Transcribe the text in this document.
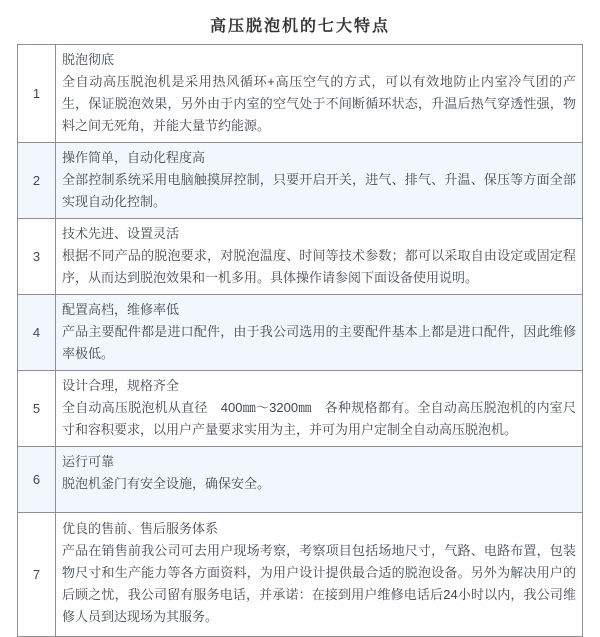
高压脱泡机的七大特点
1	脱泡彻底
全自动高压脱泡机是采用热风循环+高压空气的方式，可以有效地防止内室冷气团的产生，保证脱泡效果，另外由于内室的空气处于不间断循环状态，升温后热气穿透性强，物料之间无死角，并能大量节约能源。

2	操作简单，自动化程度高
全部控制系统采用电脑触摸屏控制，只要开启开关，进气、排气、升温、保压等方面全部实现自动化控制。

3	技术先进、设置灵活
根据不同产品的脱泡要求，对脱泡温度、时间等技术参数；都可以采取自由设定或固定程序，从而达到脱泡效果和一机多用。具体操作请参阅下面设备使用说明。

4	配置高档，维修率低
产品主要配件都是进口配件，由于我公司选用的主要配件基本上都是进口配件，因此维修率极低。

5	设计合理，规格齐全
全自动高压脱泡机从直径　400㎜～3200㎜　各种规格都有。全自动高压脱泡机的内室尺寸和容积要求，以用户产量要求实用为主，并可为用户定制全自动高压脱泡机。

6	运行可靠
脱泡机釜门有安全设施，确保安全。

7	优良的售前、售后服务体系
产品在销售前我公司可去用户现场考察，考察项目包括场地尺寸，气路、电路布置，包装物尺寸和生产能力等各方面资料，为用户设计提供最合适的脱泡设备。另外为解决用户的后顾之忧，我公司留有服务电话，并承诺：在接到用户维修电话后24小时以内，我公司维修人员到达现场为其服务。
